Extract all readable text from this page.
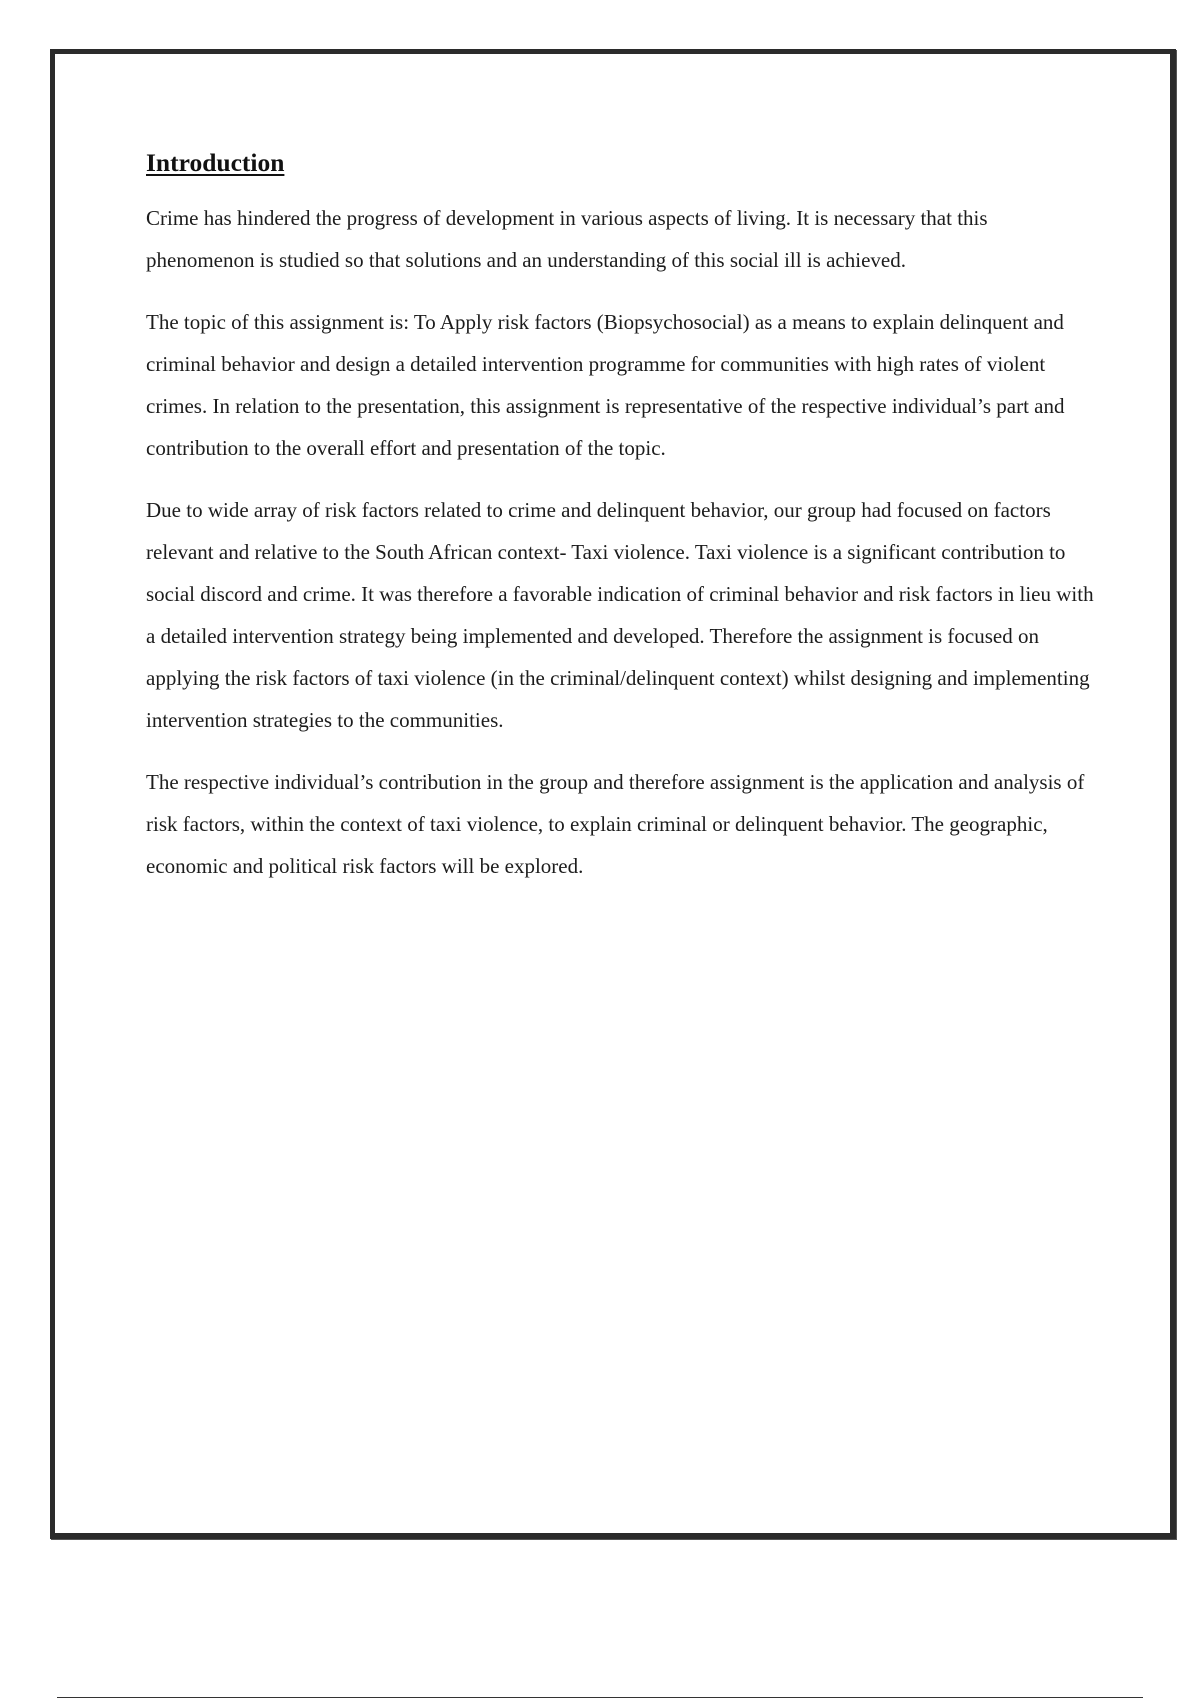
Introduction

Crime has hindered the progress of development in various aspects of living. It is necessary that this phenomenon is studied so that solutions and an understanding of this social ill is achieved.

The topic of this assignment is: To Apply risk factors (Biopsychosocial) as a means to explain delinquent and criminal behavior and design a detailed intervention programme for communities with high rates of violent crimes. In relation to the presentation, this assignment is representative of the respective individual’s part and contribution to the overall effort and presentation of the topic.

Due to wide array of risk factors related to crime and delinquent behavior, our group had focused on factors relevant and relative to the South African context- Taxi violence. Taxi violence is a significant contribution to social discord and crime. It was therefore a favorable indication of criminal behavior and risk factors in lieu with a detailed intervention strategy being implemented and developed. Therefore the assignment is focused on applying the risk factors of taxi violence (in the criminal/delinquent context) whilst designing and implementing intervention strategies to the communities.

The respective individual’s contribution in the group and therefore assignment is the application and analysis of risk factors, within the context of taxi violence, to explain criminal or delinquent behavior. The geographic, economic and political risk factors will be explored.
